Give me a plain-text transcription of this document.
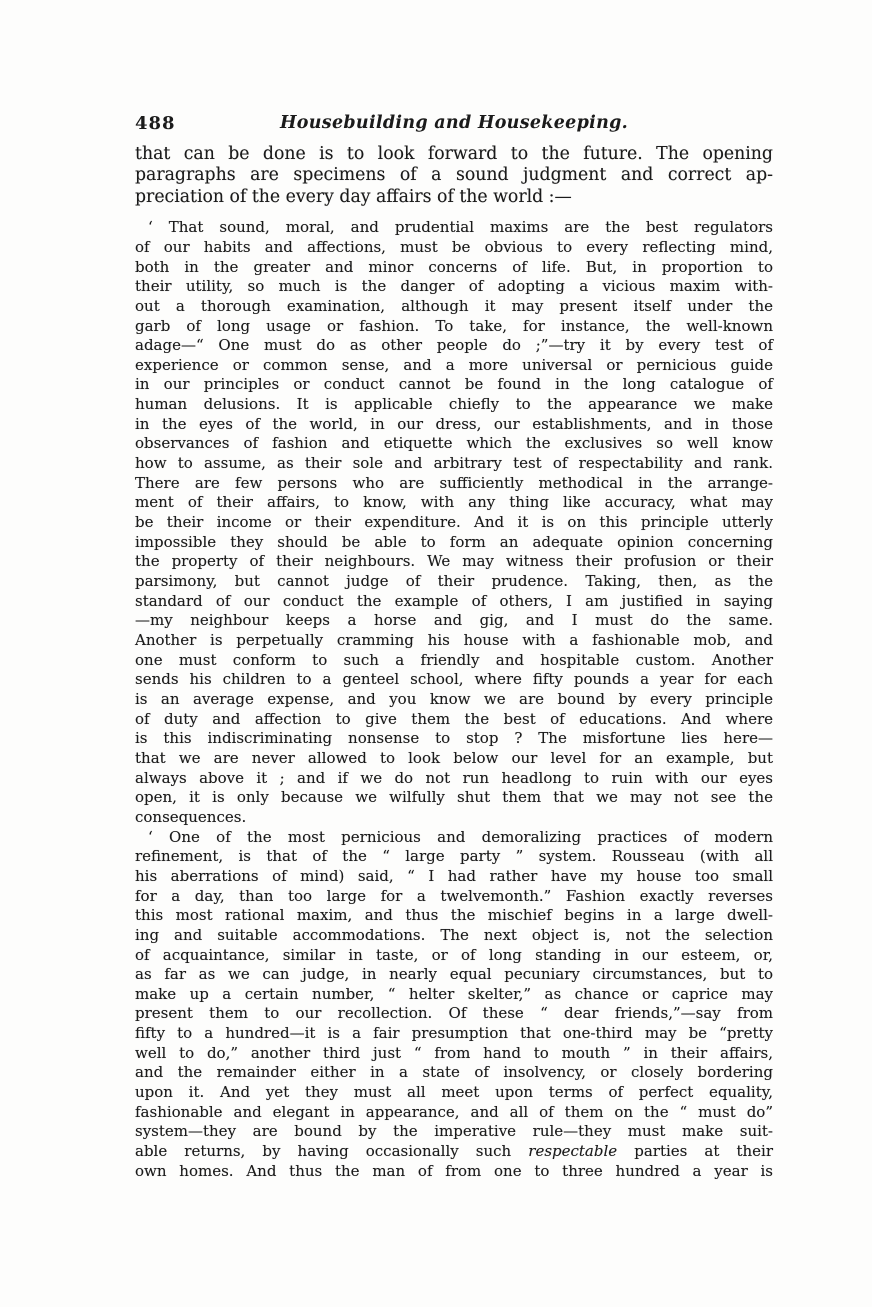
488	Housebuilding and Housekeeping.
that can be done is to look forward to the future. The opening
paragraphs are specimens of a sound judgment and correct ap-
preciation of the every day affairs of the world :—
‘ That sound, moral, and prudential maxims are the best regulators
of our habits and affections, must be obvious to every reflecting mind,
both in the greater and minor concerns of life. But, in proportion to
their utility, so much is the danger of adopting a vicious maxim with-
out a thorough examination, although it may present itself under the
garb of long usage or fashion. To take, for instance, the well-known
adage—“ One must do as other people do ;”—try it by every test of
experience or common sense, and a more universal or pernicious guide
in our principles or conduct cannot be found in the long catalogue of
human delusions. It is applicable chiefly to the appearance we make
in the eyes of the world, in our dress, our establishments, and in those
observances of fashion and etiquette which the exclusives so well know
how to assume, as their sole and arbitrary test of respectability and rank.
There are few persons who are sufficiently methodical in the arrange-
ment of their affairs, to know, with any thing like accuracy, what may
be their income or their expenditure. And it is on this principle utterly
impossible they should be able to form an adequate opinion concerning
the property of their neighbours. We may witness their profusion or their
parsimony, but cannot judge of their prudence. Taking, then, as the
standard of our conduct the example of others, I am justified in saying
—my neighbour keeps a horse and gig, and I must do the same.
Another is perpetually cramming his house with a fashionable mob, and
one must conform to such a friendly and hospitable custom. Another
sends his children to a genteel school, where fifty pounds a year for each
is an average expense, and you know we are bound by every principle
of duty and affection to give them the best of educations. And where
is this indiscriminating nonsense to stop ? The misfortune lies here—
that we are never allowed to look below our level for an example, but
always above it ; and if we do not run headlong to ruin with our eyes
open, it is only because we wilfully shut them that we may not see the
consequences.
‘ One of the most pernicious and demoralizing practices of modern
refinement, is that of the “ large party ” system. Rousseau (with all
his aberrations of mind) said, “ I had rather have my house too small
for a day, than too large for a twelvemonth.” Fashion exactly reverses
this most rational maxim, and thus the mischief begins in a large dwell-
ing and suitable accommodations. The next object is, not the selection
of acquaintance, similar in taste, or of long standing in our esteem, or,
as far as we can judge, in nearly equal pecuniary circumstances, but to
make up a certain number, “ helter skelter,” as chance or caprice may
present them to our recollection. Of these “ dear friends,”—say from
fifty to a hundred—it is a fair presumption that one-third may be “pretty
well to do,” another third just “ from hand to mouth ” in their affairs,
and the remainder either in a state of insolvency, or closely bordering
upon it. And yet they must all meet upon terms of perfect equality,
fashionable and elegant in appearance, and all of them on the “ must do”
system—they are bound by the imperative rule—they must make suit-
able returns, by having occasionally such respectable parties at their
own homes. And thus the man of from one to three hundred a year is
